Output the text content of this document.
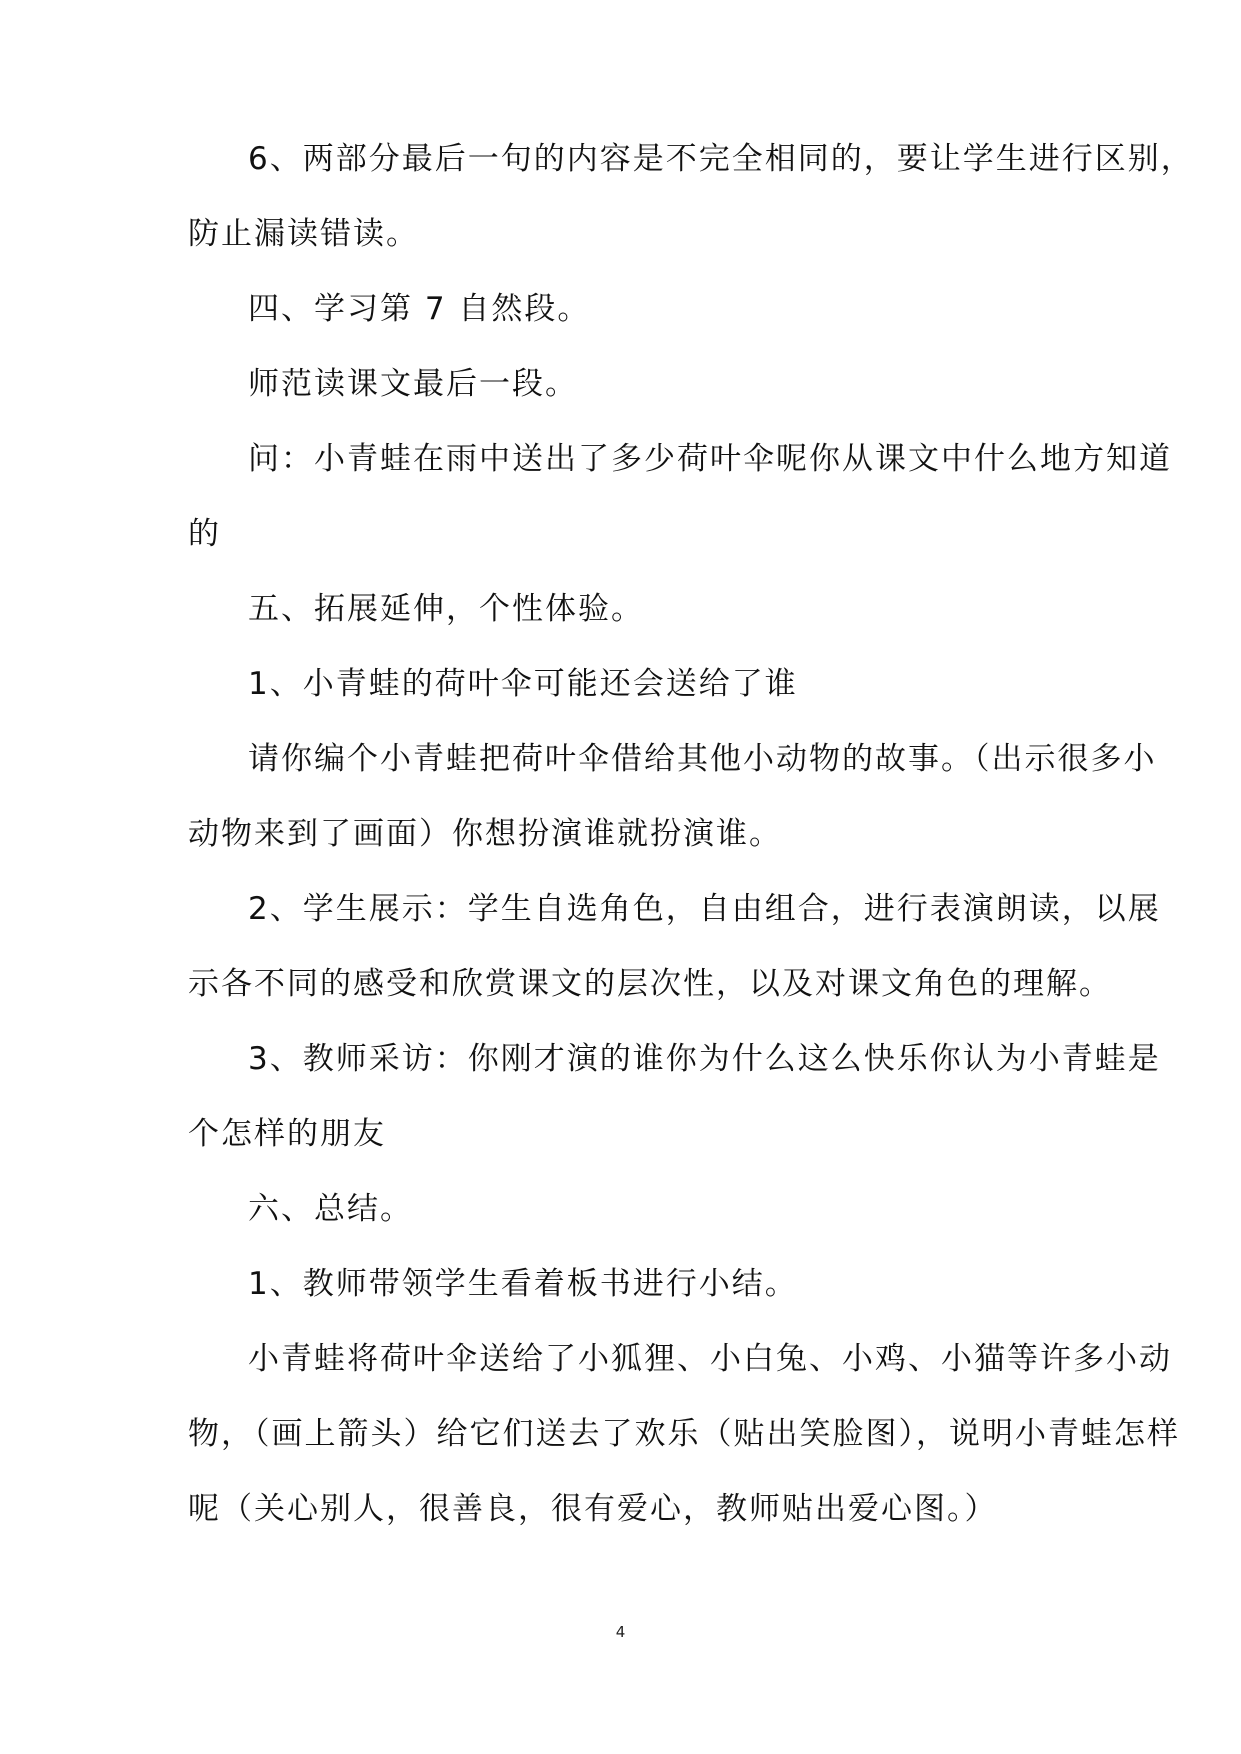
6、两部分最后一句的内容是不完全相同的，要让学生进行区别，

防止漏读错读。

四、学习第 7 自然段。

师范读课文最后一段。

问：小青蛙在雨中送出了多少荷叶伞呢你从课文中什么地方知道

的

五、拓展延伸，个性体验。

1、小青蛙的荷叶伞可能还会送给了谁

请你编个小青蛙把荷叶伞借给其他小动物的故事。（出示很多小

动物来到了画面）你想扮演谁就扮演谁。

2、学生展示：学生自选角色，自由组合，进行表演朗读，以展

示各不同的感受和欣赏课文的层次性，以及对课文角色的理解。

3、教师采访：你刚才演的谁你为什么这么快乐你认为小青蛙是

个怎样的朋友

六、总结。

1、教师带领学生看着板书进行小结。

小青蛙将荷叶伞送给了小狐狸、小白兔、小鸡、小猫等许多小动

物，（画上箭头）给它们送去了欢乐（贴出笑脸图），说明小青蛙怎样

呢（关心别人，很善良，很有爱心，教师贴出爱心图。）

4
